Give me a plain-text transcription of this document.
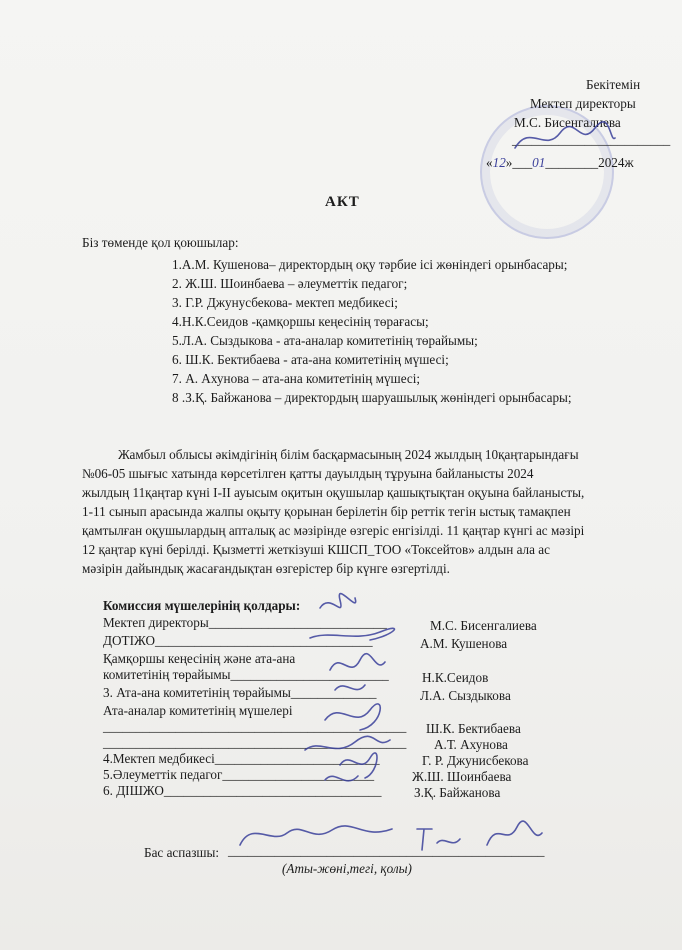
Бекітемін
Мектеп директоры
М.С. Бисенгалиева
________________________
«12»___01________2024ж
АКТ
Біз төменде қол қоюшылар:
1.А.М. Кушенова– директордың оқу тәрбие ісі жөніндегі орынбасары;
2. Ж.Ш. Шоинбаева – әлеуметтік педагог;
3. Г.Р. Джунусбекова- мектеп медбикесі;
4.Н.К.Сеидов -қамқоршы кеңесінің төрағасы;
5.Л.А. Сыздыкова - ата-аналар комитетінің төрайымы;
6. Ш.К. Бектибаева - ата-ана комитетінің мүшесі;
7. А. Ахунова – ата-ана комитетінің мүшесі;
8 .З.Қ. Байжанова – директордың шаруашылық жөніндегі орынбасары;
Жамбыл облысы әкімдігінің білім басқармасының 2024 жылдың 10қаңтарындағы
№06-05 шығыс хатында көрсетілген қатты дауылдың тұруына байланысты 2024
жылдың 11қаңтар күні І-ІІ ауысым оқитын оқушылар қашықтықтан оқуына байланысты,
1-11 сынып арасында жалпы оқыту қорынан берілетін бір реттік тегін ыстық тамақпен
қамтылған оқушылардың апталық ас мәзірінде өзгеріс енгізілді. 11 қаңтар күнгі ас мәзірі
12 қаңтар күні берілді. Қызметті жеткізуші КШСП_ТОО «Токсейтов» алдын ала ас
мәзірін дайындық жасағандықтан өзгерістер бір күнге өзгертілді.
Комиссия мүшелерінің қолдары:
Мектеп директоры___________________________	М.С. Бисенгалиева
ДОТІЖО_________________________________	А.М. Кушенова
Қамқоршы кеңесінің және ата-ана
комитетінің төрайымы________________________	Н.К.Сеидов
3. Ата-ана комитетінің төрайымы_____________	Л.А. Сыздыкова
Ата-аналар комитетінің мүшелері
______________________________________________ Ш.К. Бектибаева
______________________________________________ А.Т. Ахунова
4.Мектеп медбикесі_________________________	Г. Р. Джунисбекова
5.Әлеуметтік педагог_______________________	Ж.Ш. Шоинбаева
6. ДІШЖО_________________________________ З.Қ. Байжанова
Бас аспазшы: ________________________________________________
(Аты-жөні,тегі, қолы)
